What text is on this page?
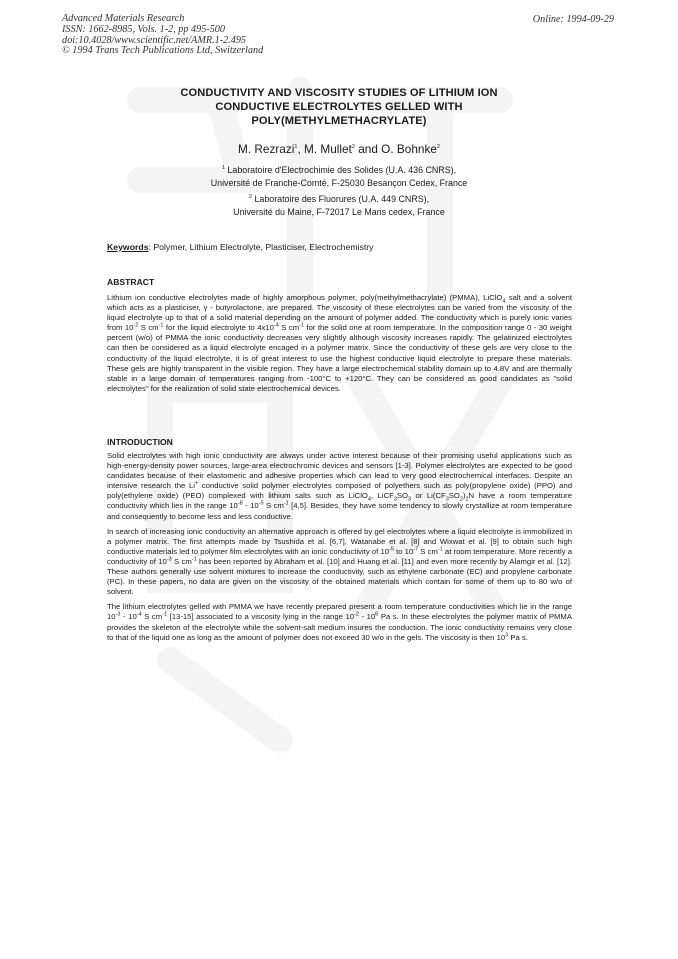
Advanced Materials Research
ISSN: 1662-8985, Vols. 1-2, pp 495-500
doi:10.4028/www.scientific.net/AMR.1-2.495
© 1994 Trans Tech Publications Ltd, Switzerland
Online: 1994-09-29
CONDUCTIVITY AND VISCOSITY STUDIES OF LITHIUM ION
CONDUCTIVE ELECTROLYTES GELLED WITH
POLY(METHYLMETHACRYLATE)
M. Rezrazi$^1$, M. Mullet$^2$ and O. Bohnke$^2$
$^1$ Laboratoire d'Electrochimie des Solides (U.A. 436 CNRS),
Université de Franche-Comté, F-25030 Besançon Cedex, France
$^2$ Laboratoire des Fluorures (U.A. 449 CNRS),
Université du Maine, F-72017 Le Mans cedex, France
Keywords: Polymer, Lithium Electrolyte, Plasticiser, Electrochemistry
ABSTRACT

Lithium ion conductive electrolytes made of highly amorphous polymer, poly(methylmethacrylate) (PMMA), LiClO$_4$ salt and a solvent which acts as a plasticiser, γ - butyrolactone, are prepared. The viscosity of these electrolytes can be varied from the viscosity of the liquid electrolyte up to that of a solid material depending on the amount of polymer added. The conductivity which is purely ionic varies from $10^{-2}$ S $cm^{-1}$ for the liquid electrolyte to $4x10^{-4}$ S $cm^{-1}$ for the solid one at room temperature. In the composition range 0 - 30 weight percent (w/o) of PMMA the ionic conductivity decreases very slightly although viscosity increases rapidly. The gelatinized electrolytes can then be considered as a liquid electrolyte encaged in a polymer matrix. Since the conductivity of these gels are very close to the conductivity of the liquid electrolyte, it is of great interest to use the highest conductive liquid electrolyte to prepare these materials. These gels are highly transparent in the visible region. They have a large electrochemical stability domain up to 4.8V and are thermally stable in a large domain of temperatures ranging from -100°C to +120°C. They can be considered as good candidates as "solid electrolytes" for the realization of solid state electrochemical devices.

INTRODUCTION

Solid electrolytes with high ionic conductivity are always under active interest because of their promising useful applications such as high-energy-density power sources, large-area electrochromic devices and sensors [1-3]. Polymer electrolytes are expected to be good candidates because of their elastomeric and adhesive properties which can lead to very good electrochemical interfaces. Despite an intensive research the Li+ conductive solid polymer electrolytes composed of polyethers such as poly(propylene oxide) (PPO) and poly(ethylene oxide) (PEO) complexed with lithium salts such as LiClO$_4$, $LiCF_3SO_3$ or $Li(CF_3SO_2)_2N$ have a room temperature conductivity which lies in the range $10^{-8} - 10^{-5}$ S $cm^{-1}$ [4,5]. Besides, they have some tendency to slowly crystallize at room temperature and consequently to become less and less conductive.

In search of increasing ionic conductivity an alternative approach is offered by gel electrolytes where a liquid electrolyte is immobilized in a polymer matrix. The first attempts made by Tsushida et al. [6,7], Watanabe et al. [8] and Wixwat et al. [9] to obtain such high conductive materials led to polymer film electrolytes with an ionic conductivity of $10^{-5}$ to $10^{-7}$ S $cm^{-1}$ at room temperature. More recently a conductivity of $10^{-3}$ S $cm^{-1}$ has been reported by Abraham et al. [10] and Huang et al. [11] and even more recently by Alamgir et al. [12]. These authors generally use solvent mixtures to increase the conductivity, such as ethylene carbonate (EC) and propylene carbonate (PC). In these papers, no data are given on the viscosity of the obtained materials which contain for some of them up to 80 w/o of solvent.

The lithium electrolytes gelled with PMMA we have recently prepared present a room temperature conductivities which lie in the range $10^{-3} - 10^{-4}$ S $cm^{-1}$ [13-15] associated to a viscosity lying in the range $10^{-2} - 10^6$ Pa s. In these electrolytes the polymer matrix of PMMA provides the skeleton of the electrolyte while the solvent-salt medium insures the conduction. The ionic conductivity remains very close to that of the liquid one as long as the amount of polymer does not exceed 30 w/o in the gels. The viscosity is then $10^3$ Pa s.
